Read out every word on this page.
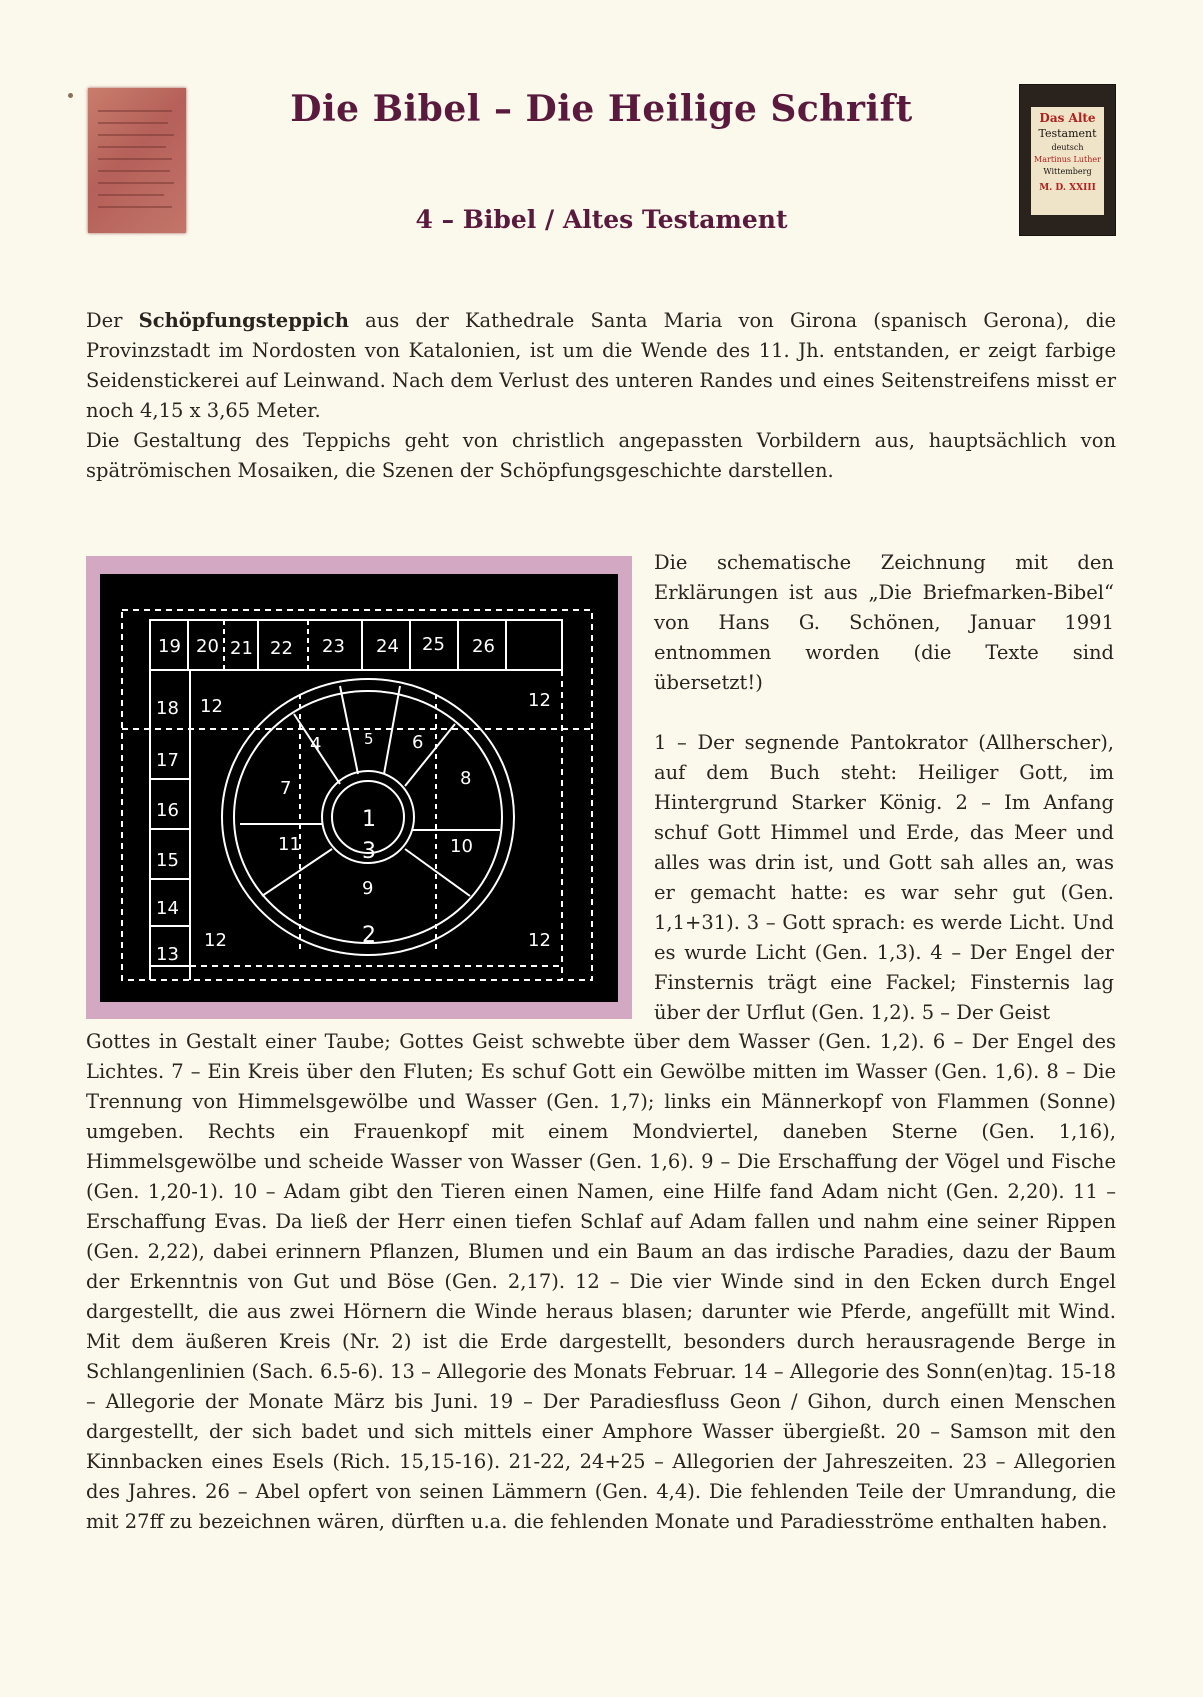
Die Bibel – Die Heilige Schrift
4 – Bibel / Altes Testament
Das Alte
Testament
deutsch
Martinus Luther
Wittemberg
M. D. XXIII
Der Schöpfungsteppich aus der Kathedrale Santa Maria von Girona (spanisch Gerona), die Provinzstadt im Nordosten von Katalonien, ist um die Wende des 11. Jh. entstanden, er zeigt farbige Seidenstickerei auf Leinwand. Nach dem Verlust des unteren Randes und eines Seitenstreifens misst er noch 4,15 x 3,65 Meter.
Die Gestaltung des Teppichs geht von christlich angepassten Vorbildern aus, hauptsächlich von spätrömischen Mosaiken, die Szenen der Schöpfungsgeschichte darstellen.
19 20 21 22 23 24 25 26
18
17
16
15
14
13
12	12
12	12
1
2
3
4	5 6
7	8
9
10
11
Die schematische Zeichnung mit den Erklärungen ist aus „Die Briefmarken-Bibel“ von Hans G. Schönen, Januar 1991 entnommen worden (die Texte sind übersetzt!)
1 – Der segnende Pantokrator (Allherscher), auf dem Buch steht: Heiliger Gott, im Hintergrund Starker König. 2 – Im Anfang schuf Gott Himmel und Erde, das Meer und alles was drin ist, und Gott sah alles an, was er gemacht hatte: es war sehr gut (Gen. 1,1+31). 3 – Gott sprach: es werde Licht. Und es wurde Licht (Gen. 1,3). 4 – Der Engel der Finsternis trägt eine Fackel; Finsternis lag über der Urflut (Gen. 1,2). 5 – Der Geist
Gottes in Gestalt einer Taube; Gottes Geist schwebte über dem Wasser (Gen. 1,2). 6 – Der Engel des Lichtes. 7 – Ein Kreis über den Fluten; Es schuf Gott ein Gewölbe mitten im Wasser (Gen. 1,6). 8 – Die Trennung von Himmelsgewölbe und Wasser (Gen. 1,7); links ein Männerkopf von Flammen (Sonne) umgeben. Rechts ein Frauenkopf mit einem Mondviertel, daneben Sterne (Gen. 1,16), Himmelsgewölbe und scheide Wasser von Wasser (Gen. 1,6). 9 – Die Erschaffung der Vögel und Fische (Gen. 1,20-1). 10 – Adam gibt den Tieren einen Namen, eine Hilfe fand Adam nicht (Gen. 2,20). 11 – Erschaffung Evas. Da ließ der Herr einen tiefen Schlaf auf Adam fallen und nahm eine seiner Rippen (Gen. 2,22), dabei erinnern Pflanzen, Blumen und ein Baum an das irdische Paradies, dazu der Baum der Erkenntnis von Gut und Böse (Gen. 2,17). 12 – Die vier Winde sind in den Ecken durch Engel dargestellt, die aus zwei Hörnern die Winde heraus blasen; darunter wie Pferde, angefüllt mit Wind. Mit dem äußeren Kreis (Nr. 2) ist die Erde dargestellt, besonders durch herausragende Berge in Schlangenlinien (Sach. 6.5-6). 13 – Allegorie des Monats Februar. 14 – Allegorie des Sonn(en)tag. 15-18 – Allegorie der Monate März bis Juni. 19 – Der Paradiesfluss Geon / Gihon, durch einen Menschen dargestellt, der sich badet und sich mittels einer Amphore Wasser übergießt. 20 – Samson mit den Kinnbacken eines Esels (Rich. 15,15-16). 21-22, 24+25 – Allegorien der Jahreszeiten. 23 – Allegorien des Jahres. 26 – Abel opfert von seinen Lämmern (Gen. 4,4). Die fehlenden Teile der Umrandung, die mit 27ff zu bezeichnen wären, dürften u.a. die fehlenden Monate und Paradiesströme enthalten haben.
